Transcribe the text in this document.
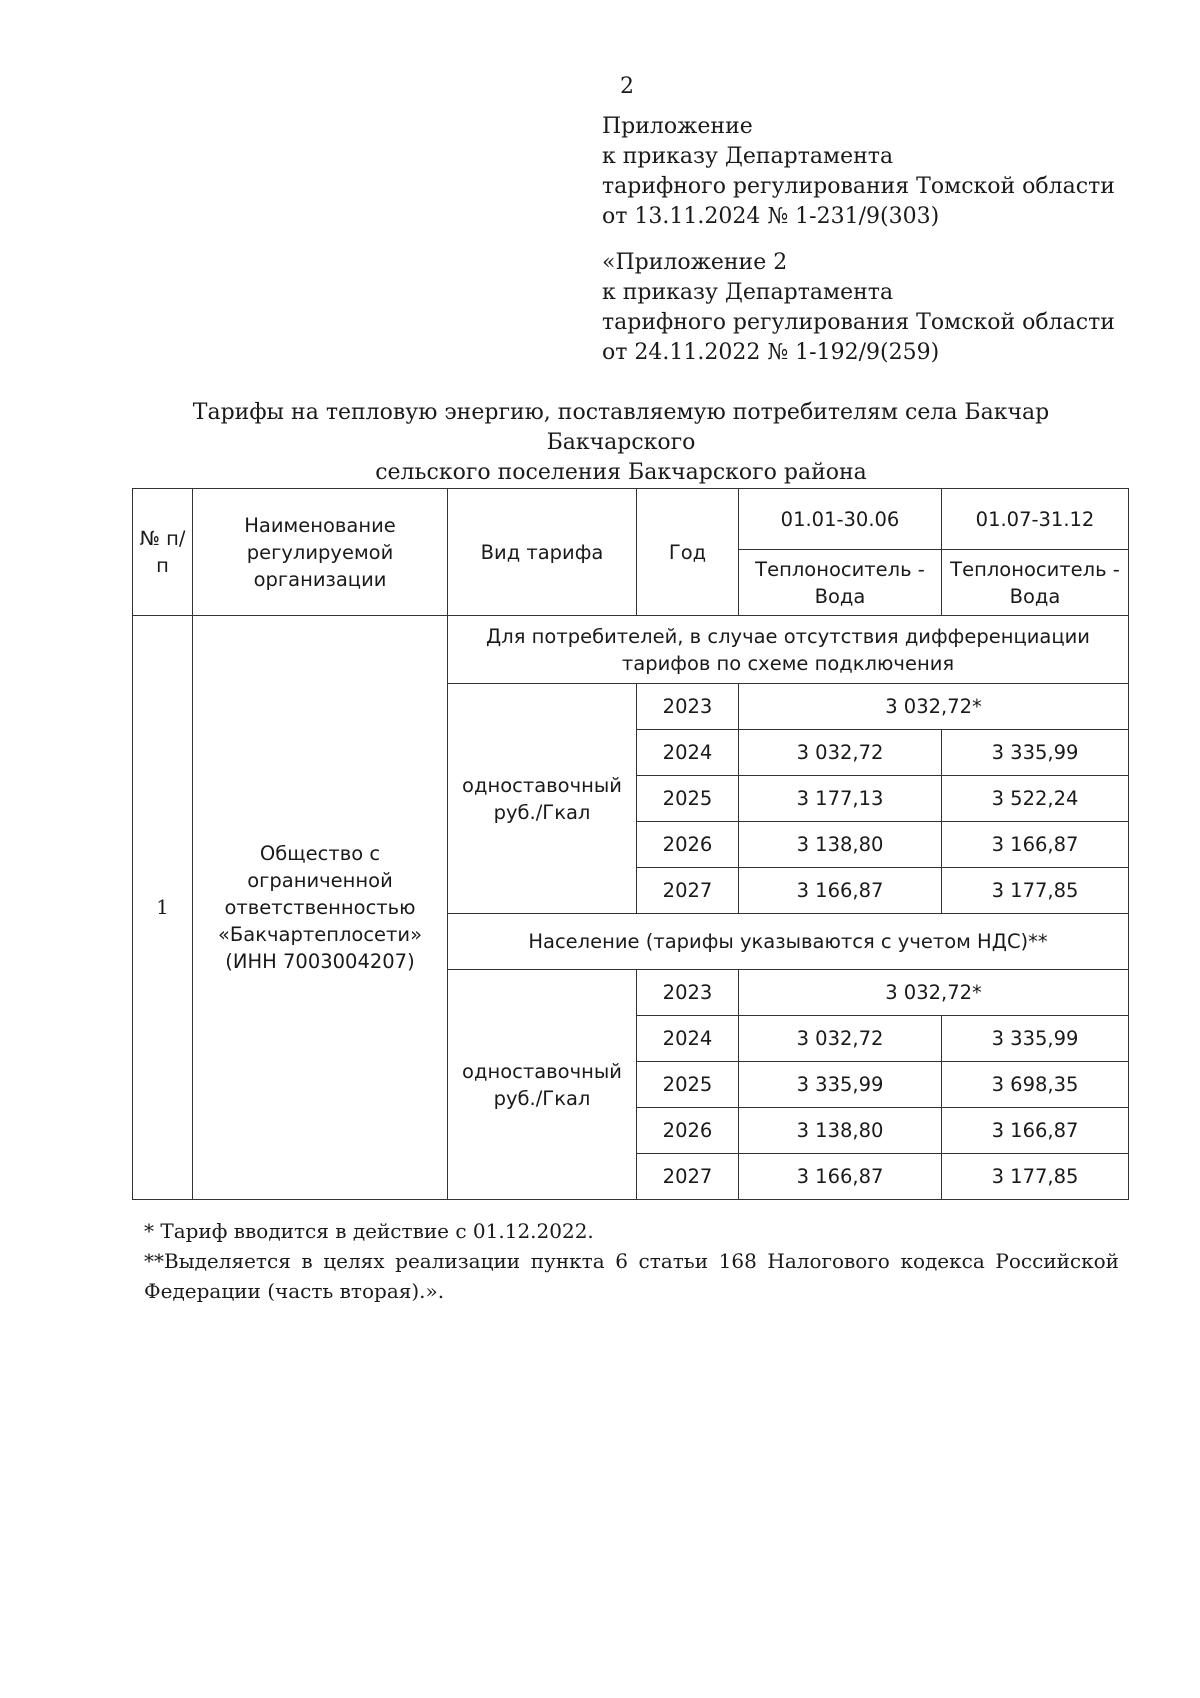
2
Приложение
к приказу Департамента
тарифного регулирования Томской области
от 13.11.2024 № 1-231/9(303)
«Приложение 2
к приказу Департамента
тарифного регулирования Томской области
от 24.11.2022 № 1-192/9(259)
Тарифы на тепловую энергию, поставляемую потребителям села Бакчар Бакчарского
сельского поселения Бакчарского района
№ п/п	Наименование регулируемой организации	Вид тарифа	Год	01.01-30.06	01.07-31.12
				Теплоноситель - Вода	Теплоноситель - Вода
1	Общество с ограниченной ответственностью «Бакчартеплосети» (ИНН 7003004207)	Для потребителей, в случае отсутствия дифференциации тарифов по схеме подключения			
		одноставочный руб./Гкал	2023	3 032,72*	
			2024	3 032,72	3 335,99
			2025	3 177,13	3 522,24
			2026	3 138,80	3 166,87
			2027	3 166,87	3 177,85
		Население (тарифы указываются с учетом НДС)**			
		одноставочный руб./Гкал	2023	3 032,72*	
			2024	3 032,72	3 335,99
			2025	3 335,99	3 698,35
			2026	3 138,80	3 166,87
			2027	3 166,87	3 177,85

* Тариф вводится в действие с 01.12.2022.

**Выделяется в целях реализации пункта 6 статьи 168 Налогового кодекса Российской Федерации (часть вторая).».
